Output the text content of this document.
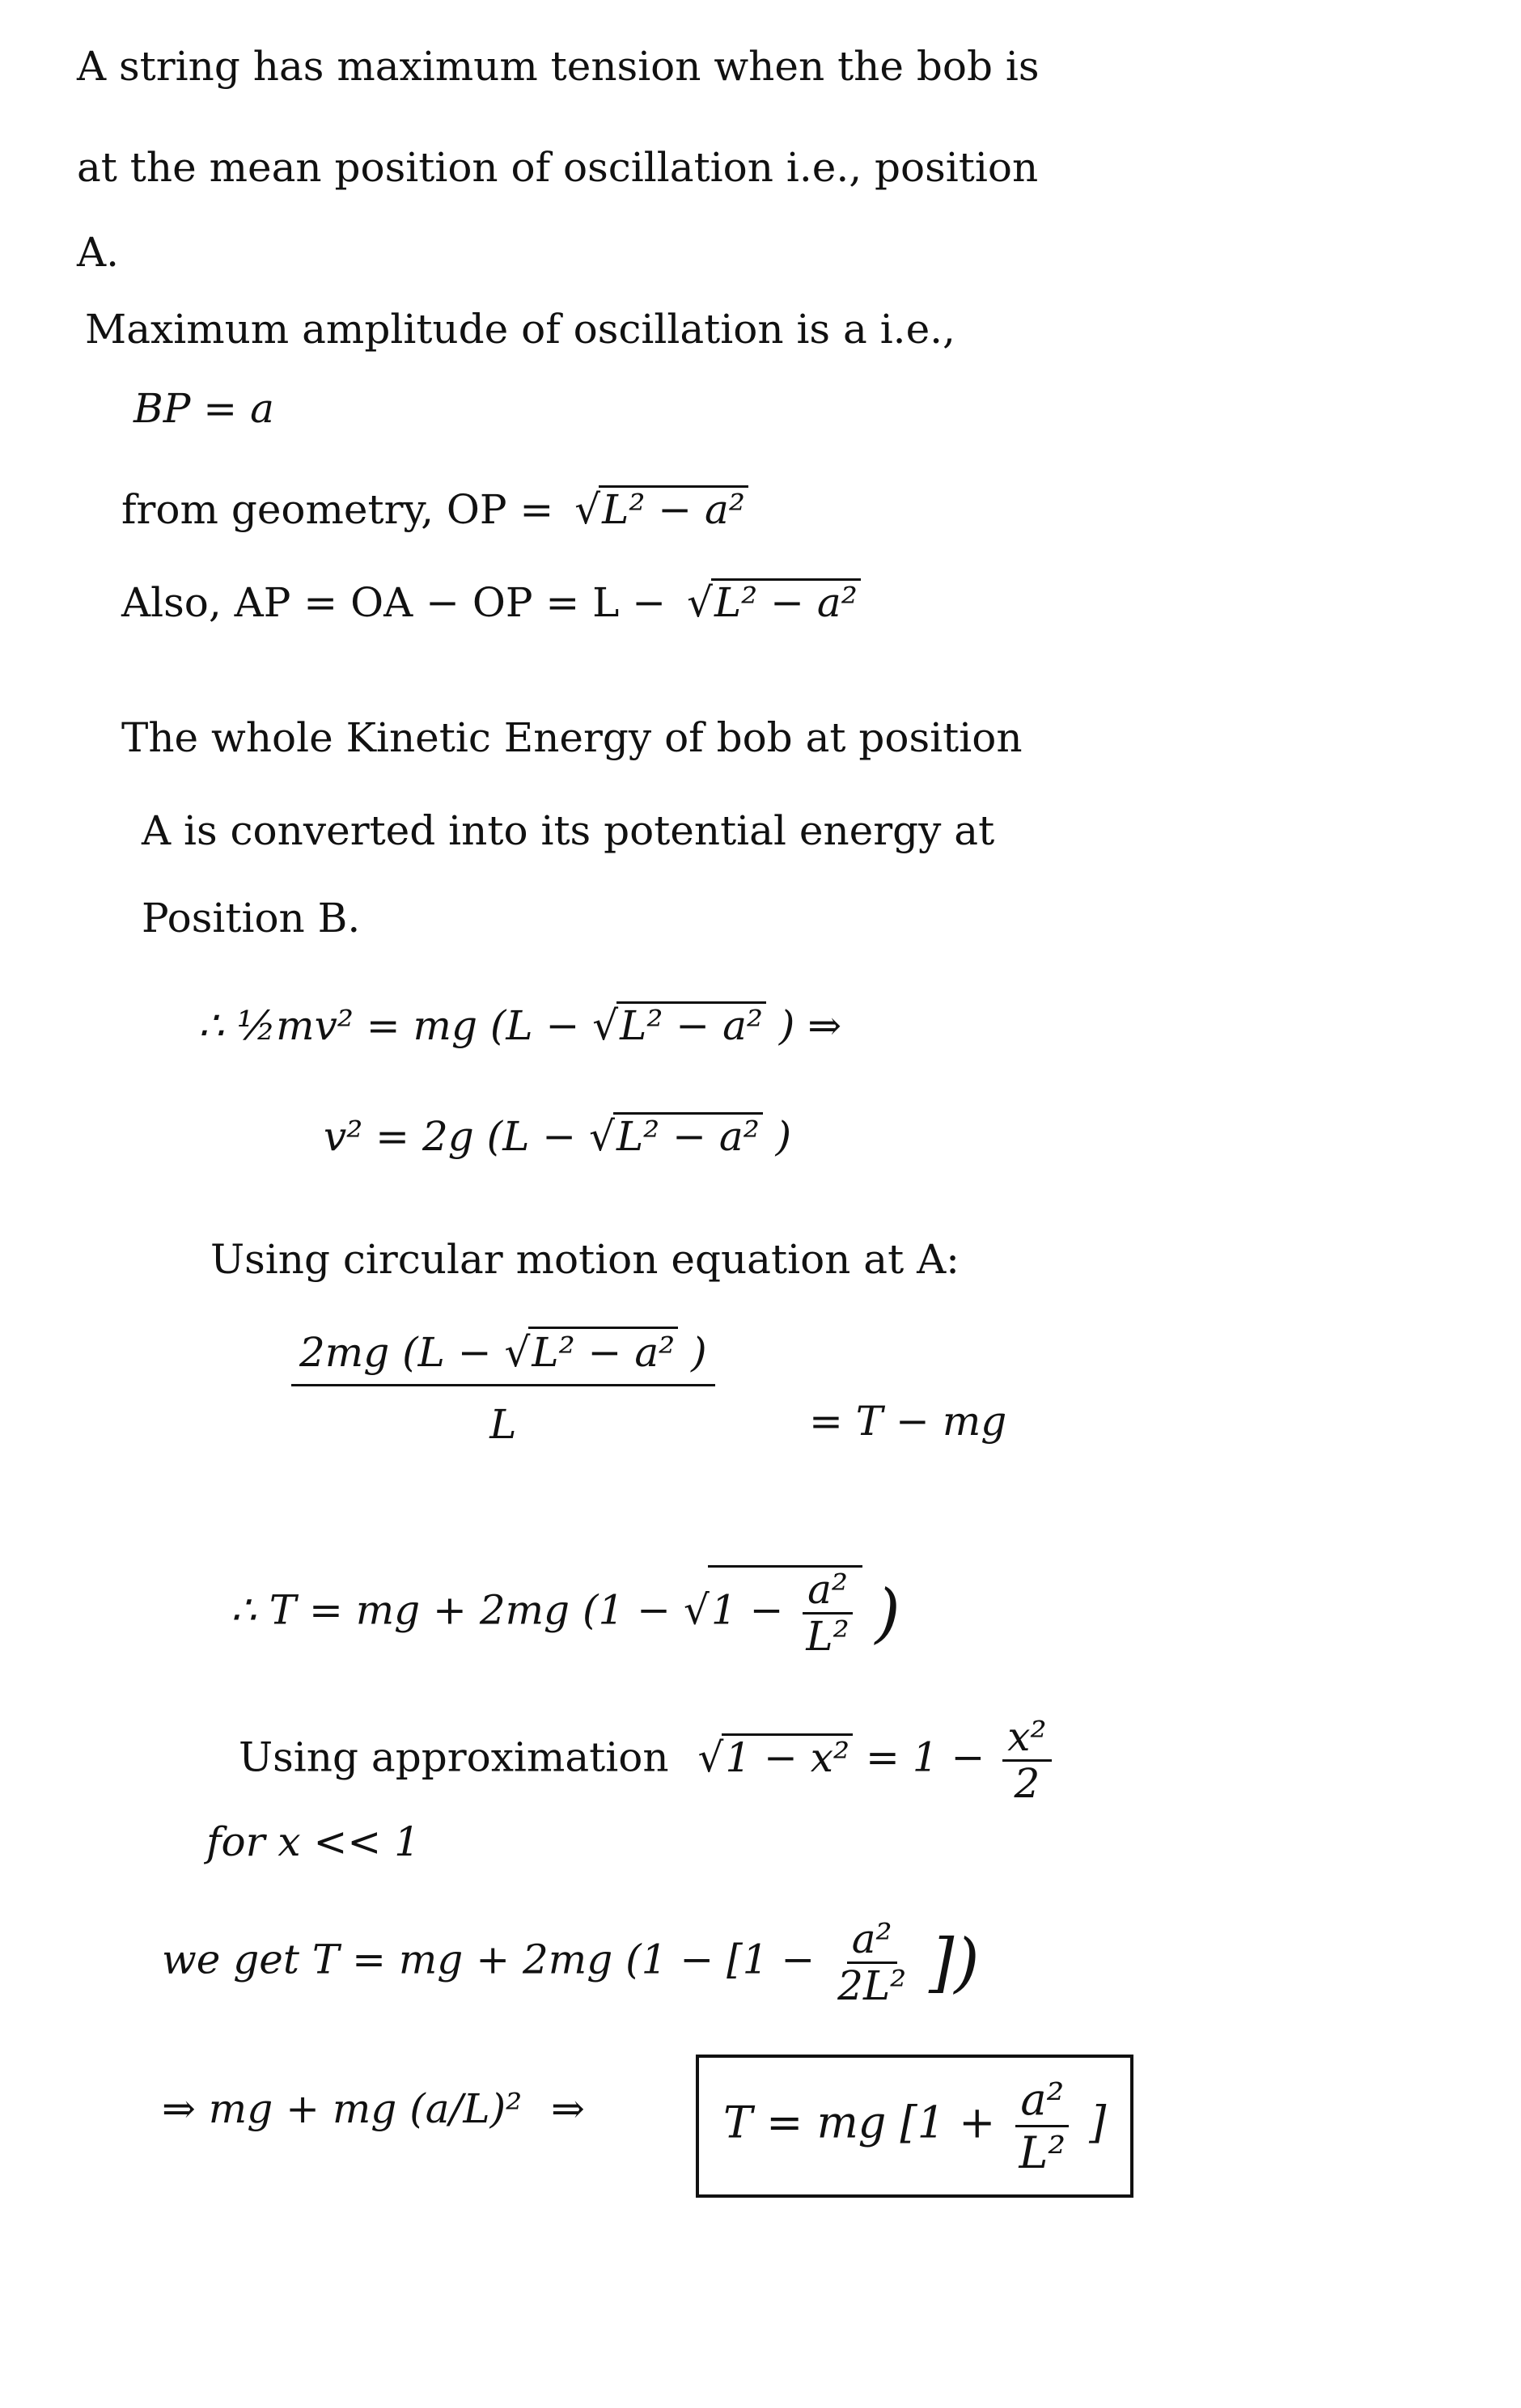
A string has maximum tension when the bob is
at the mean position of oscillation i.e., position
A.
Maximum amplitude of oscillation is a i.e.,
BP = a
from geometry, OP = √L² − a²
Also, AP = OA − OP = L − √L² − a²
The whole Kinetic Energy of bob at position
A is converted into its potential energy at
Position B.
∴ ½mv² = mg (L − √L² − a² ) ⇒
v² = 2g (L − √L² − a² )
Using circular motion equation at A:
$\frac{\text{2mg (L − √L² − a² )}}{L} = T$ − mg
∴ T = mg + 2mg ($1 - √1 - \frac{\text{a²}}{\text{L²}}$ )
Using approximation $√1 - x^2 = 1 - \frac{\text{x²}}{2}$
for x << 1
we get T = mg + 2mg ($1 - [1 - \frac{\text{a²}}{\text{2L²}}$ ])
⇒ mg + mg (a/L)² ⇒	T = mg [$1 + \frac{\text{a²}}{\text{L²}}$ ]
